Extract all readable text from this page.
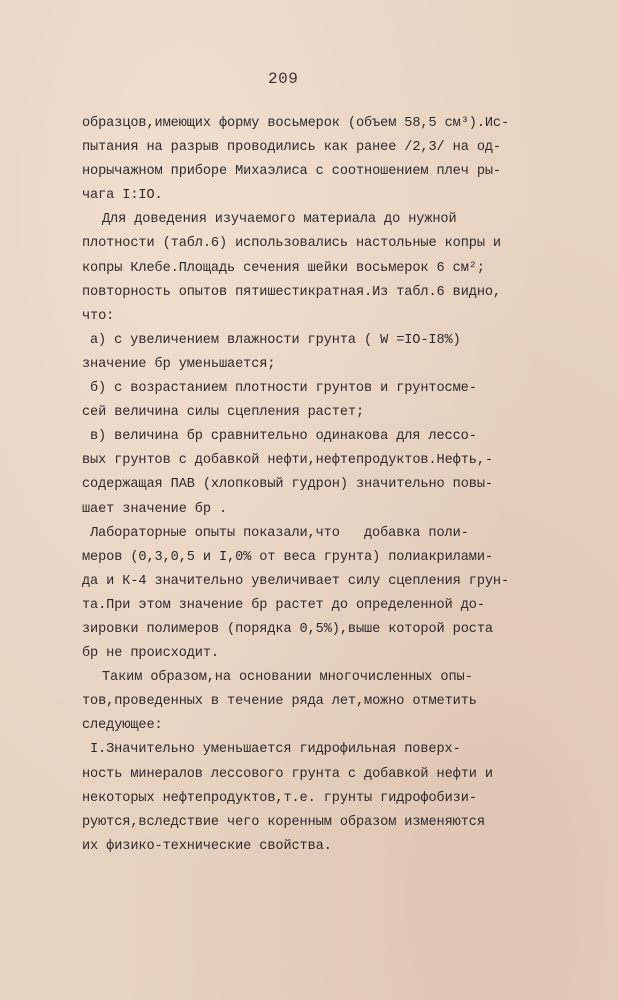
209
образцов,имеющих форму восьмерок (объем 58,5 см³).Ис-
пытания на разрыв проводились как ранее /2,3/ на од-
норычажном приборе Михаэлиса с соотношением плеч ры-
чага I:IO.
Для доведения изучаемого материала до нужной
плотности (табл.6) использовались настольные копры и
копры Клебе.Площадь сечения шейки восьмерок 6 см²;
повторность опытов пятишестикратная.Из табл.6 видно,
что:
а) с увеличением влажности грунта ( W =IO-I8%)
значение бр уменьшается;
б) с возрастанием плотности грунтов и грунтосме-
сей величина силы сцепления растет;
в) величина бр сравнительно одинакова для лессо-
вых грунтов с добавкой нефти,нефтепродуктов.Нефть,-
содержащая ПАВ (хлопковый гудрон) значительно повы-
шает значение бр .
Лабораторные опыты показали,что   добавка поли-
меров (0,3,0,5 и I,0% от веса грунта) полиакрилами-
да и К-4 значительно увеличивает силу сцепления грун-
та.При этом значение бр растет до определенной до-
зировки полимеров (порядка 0,5%),выше которой роста
бр не происходит.
Таким образом,на основании многочисленных опы-
тов,проведенных в течение ряда лет,можно отметить
следующее:
I.Значительно уменьшается гидрофильная поверх-
ность минералов лессового грунта с добавкой нефти и
некоторых нефтепродуктов,т.е. грунты гидрофобизи-
руются,вследствие чего коренным образом изменяются
их физико-технические свойства.
